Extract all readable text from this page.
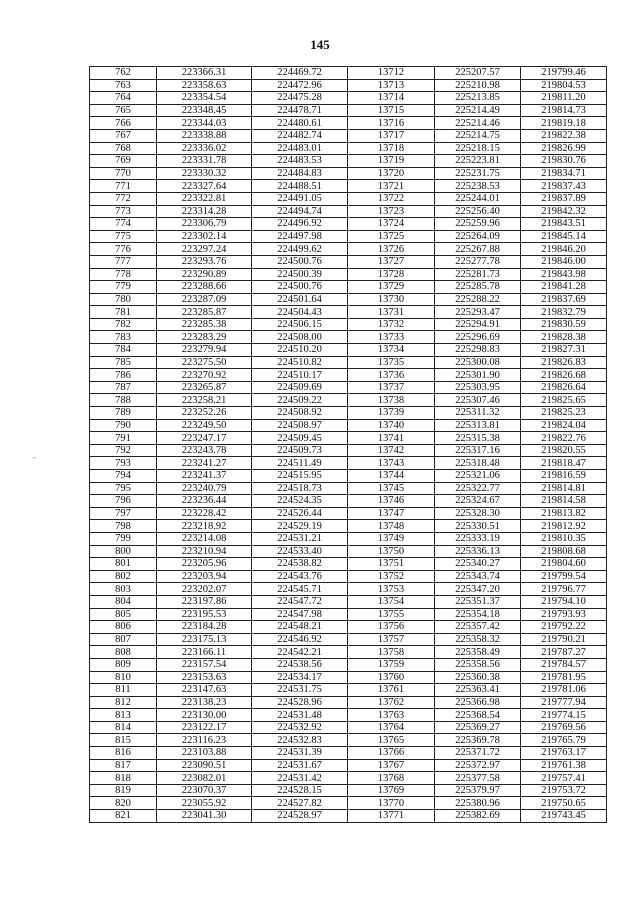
145
-
762	223366.31	224469.72	13712	225207.57	219799.46
763	223358.63	224472.96	13713	225210.98	219804.53
764	223354.54	224475.28	13714	225213.85	219811.20
765	223348.45	224478.71	13715	225214.49	219814.73
766	223344.03	224480.61	13716	225214.46	219819.18
767	223338.88	224482.74	13717	225214.75	219822.38
768	223336.02	224483.01	13718	225218.15	219826.99
769	223331.78	224483.53	13719	225223.81	219830.76
770	223330.32	224484.83	13720	225231.75	219834.71
771	223327.64	224488.51	13721	225238.53	219837.43
772	223322.81	224491.05	13722	225244.01	219837.89
773	223314.28	224494.74	13723	225256.40	219842.32
774	223306.79	224496.92	13724	225259.96	219843.51
775	223302.14	224497.98	13725	225264.09	219845.14
776	223297.24	224499.62	13726	225267.88	219846.20
777	223293.76	224500.76	13727	225277.78	219846.00
778	223290.89	224500.39	13728	225281.73	219843.98
779	223288.66	224500.76	13729	225285.78	219841.28
780	223287.09	224501.64	13730	225288.22	219837.69
781	223285.87	224504.43	13731	225293.47	219832.79
782	223285.38	224506.15	13732	225294.91	219830.59
783	223283.29	224508.00	13733	225296.69	219828.38
784	223279.94	224510.20	13734	225298.83	219827.31
785	223275.50	224510.82	13735	225300.08	219826.83
786	223270.92	224510.17	13736	225301.90	219826.68
787	223265.87	224509.69	13737	225303.95	219826.64
788	223258.21	224509.22	13738	225307.46	219825.65
789	223252.26	224508.92	13739	225311.32	219825.23
790	223249.50	224508.97	13740	225313.81	219824.04
791	223247.17	224509.45	13741	225315.38	219822.76
792	223243.78	224509.73	13742	225317.16	219820.55
793	223241.27	224511.49	13743	225318.48	219818.47
794	223241.37	224515.95	13744	225321.06	219816.59
795	223240.79	224518.73	13745	225322.77	219814.81
796	223236.44	224524.35	13746	225324.67	219814.58
797	223228.42	224526.44	13747	225328.30	219813.82
798	223218.92	224529.19	13748	225330.51	219812.92
799	223214.08	224531.21	13749	225333.19	219810.35
800	223210.94	224533.40	13750	225336.13	219808.68
801	223205.96	224538.82	13751	225340.27	219804.60
802	223203.94	224543.76	13752	225343.74	219799.54
803	223202.07	224545.71	13753	225347.20	219796.77
804	223197.86	224547.72	13754	225351.37	219794.10
805	223195.53	224547.98	13755	225354.18	219793.93
806	223184.28	224548.21	13756	225357.42	219792.22
807	223175.13	224546.92	13757	225358.32	219790.21
808	223166.11	224542.21	13758	225358.49	219787.27
809	223157.54	224538.56	13759	225358.56	219784.57
810	223153.63	224534.17	13760	225360.38	219781.95
811	223147.63	224531.75	13761	225363.41	219781.06
812	223138.23	224528.96	13762	225366.98	219777.94
813	223130.00	224531.48	13763	225368.54	219774.15
814	223122.17	224532.92	13764	225369.27	219769.56
815	223116.23	224532.83	13765	225369.78	219765.79
816	223103.88	224531.39	13766	225371.72	219763.17
817	223090.51	224531.67	13767	225372.97	219761.38
818	223082.01	224531.42	13768	225377.58	219757.41
819	223070.37	224528.15	13769	225379.97	219753.72
820	223055.92	224527.82	13770	225380.96	219750.65
821	223041.30	224528.97	13771	225382.69	219743.45
